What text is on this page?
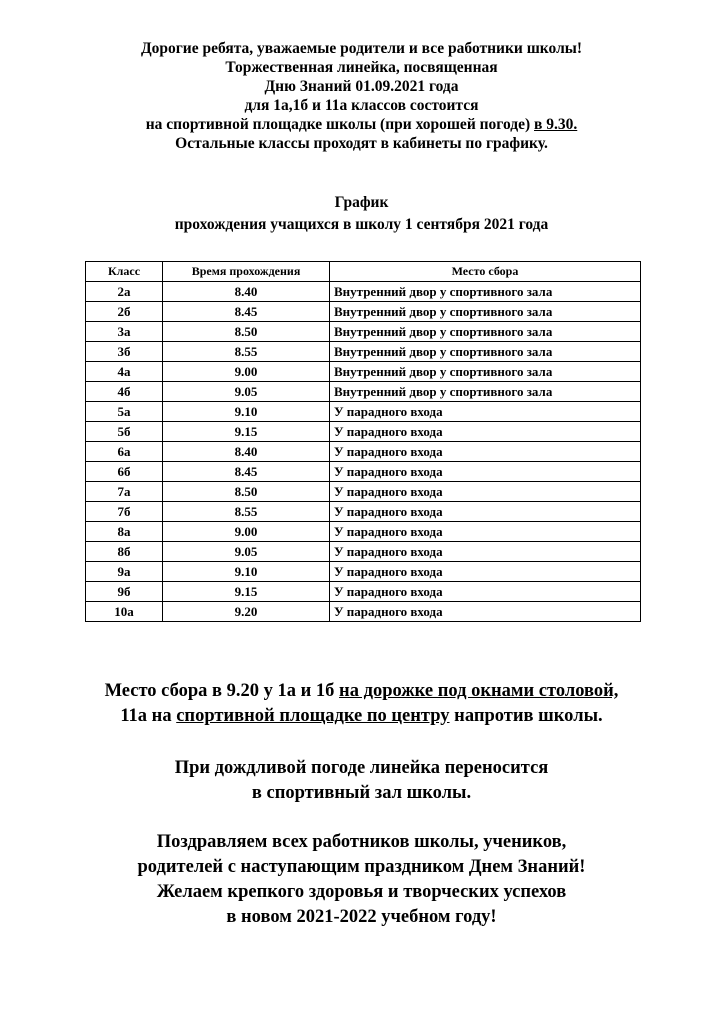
Дорогие ребята, уважаемые родители и все работники школы!
Торжественная линейка, посвященная
Дню Знаний 01.09.2021 года
для 1а,1б и 11а классов состоится
на спортивной площадке школы (при хорошей погоде) в 9.30.
Остальные классы проходят в кабинеты по графику.
График
прохождения учащихся в школу 1 сентября 2021 года
Класс	Время прохождения	Место сбора
2а	8.40	Внутренний двор у спортивного зала
2б	8.45	Внутренний двор у спортивного зала
3а	8.50	Внутренний двор у спортивного зала
3б	8.55	Внутренний двор у спортивного зала
4а	9.00	Внутренний двор у спортивного зала
4б	9.05	Внутренний двор у спортивного зала
5а	9.10	У парадного входа
5б	9.15	У парадного входа
6а	8.40	У парадного входа
6б	8.45	У парадного входа
7а	8.50	У парадного входа
7б	8.55	У парадного входа
8а	9.00	У парадного входа
8б	9.05	У парадного входа
9а	9.10	У парадного входа
9б	9.15	У парадного входа
10а	9.20	У парадного входа
Место сбора в 9.20 у 1а и 1б на дорожке под окнами столовой,
11а на спортивной площадке по центру напротив школы.
При дождливой погоде линейка переносится
в спортивный зал школы.
Поздравляем всех работников школы, учеников,
родителей с наступающим праздником Днем Знаний!
Желаем крепкого здоровья и творческих успехов
в новом 2021-2022 учебном году!
